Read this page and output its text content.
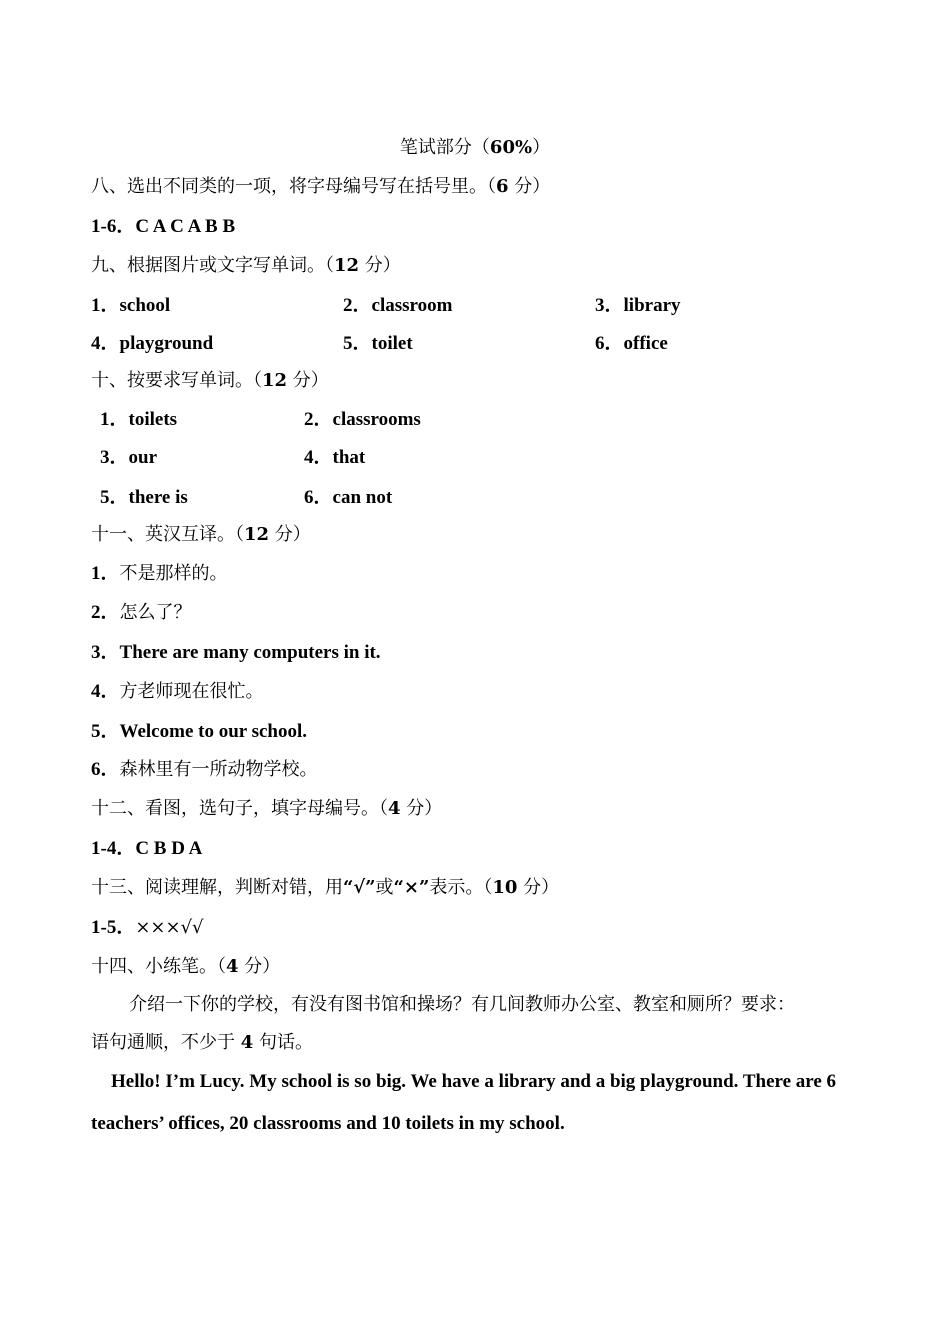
笔试部分（60%）
八、选出不同类的一项，将字母编号写在括号里。（6 分）
1-6．C A C A B B
九、根据图片或文字写单词。（12 分）
1．school	2．classroom	3．library
4．playground	5．toilet	6．office
十、按要求写单词。（12 分）
1．toilets	2．classrooms
3．our	4．that
5．there is	6．can not
十一、英汉互译。（12 分）
1．不是那样的。
2．怎么了？
3．There are many computers in it.
4．方老师现在很忙。
5．Welcome to our school.
6．森林里有一所动物学校。
十二、看图，选句子，填字母编号。（4 分）
1-4．C B D A
十三、阅读理解，判断对错，用“√”或“×”表示。（10 分）
1-5．×××√√
十四、小练笔。（4 分）
介绍一下你的学校，有没有图书馆和操场？有几间教师办公室、教室和厕所？要求：
语句通顺，不少于 4 句话。
Hello! I’m Lucy. My school is so big. We have a library and a big playground. There are 6
teachers’ offices, 20 classrooms and 10 toilets in my school.
